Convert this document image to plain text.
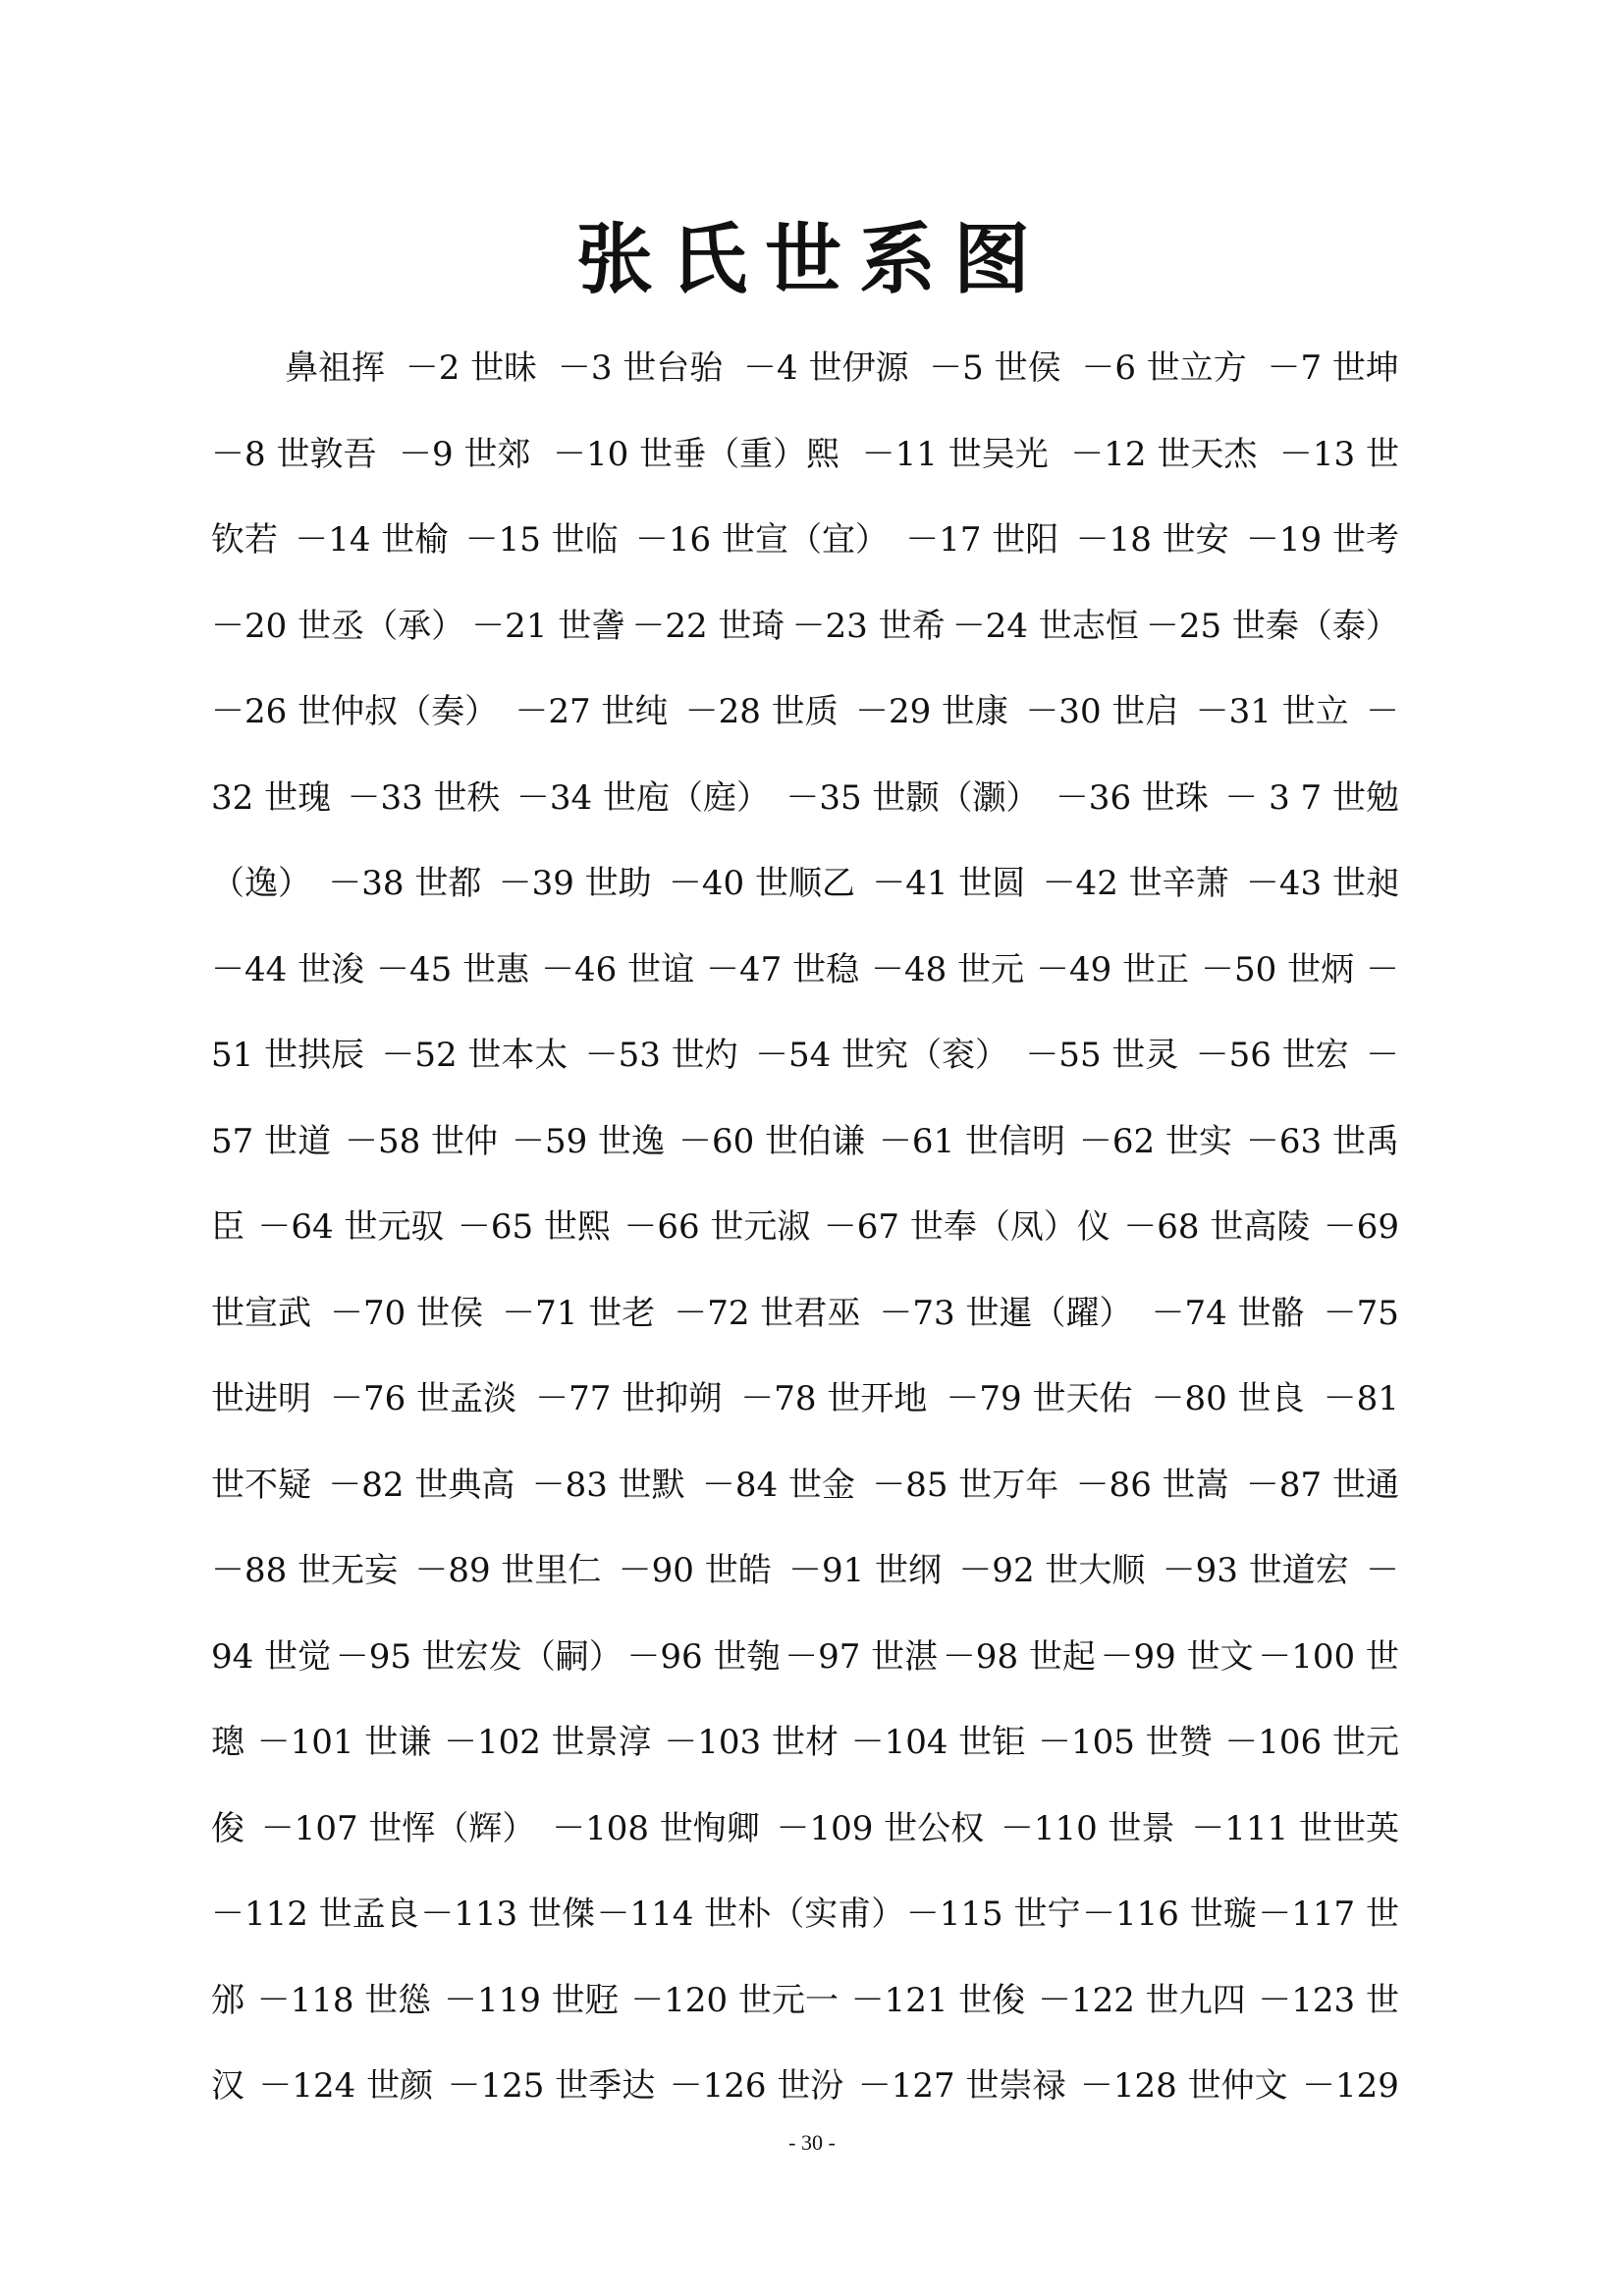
张氏世系图
鼻祖挥 －2 世昧 －3 世台骀 －4 世伊源 －5 世侯 －6 世立方 －7 世坤
－8 世敦吾 －9 世郊 －10 世垂（重）熙 －11 世吴光 －12 世天杰 －13 世
钦若 －14 世榆 －15 世临 －16 世宣（宜） －17 世阳 －18 世安 －19 世考
－20 世丞（承） －21 世詟 －22 世琦 －23 世希 －24 世志恒 －25 世秦（泰）
－26 世仲叔（奏） －27 世纯 －28 世质 －29 世康 －30 世启 －31 世立 －
32 世瑰 －33 世秩 －34 世庖（庭） －35 世颢（灏） －36 世珠 － 3 7 世勉
（逸） －38 世都 －39 世助 －40 世顺乙 －41 世圆 －42 世辛萧 －43 世昶
－44 世浚 －45 世惠 －46 世谊 －47 世稳 －48 世元 －49 世正 －50 世炳 －
51 世拱辰 －52 世本太 －53 世灼 －54 世究（衮） －55 世灵 －56 世宏 －
57 世道 －58 世仲 －59 世逸 －60 世伯谦 －61 世信明 －62 世实 －63 世禹
臣 －64 世元驭 －65 世熙 －66 世元淑 －67 世奉（凤）仪 －68 世高陵 －69
世宣武 －70 世侯 －71 世老 －72 世君巫 －73 世暹（躍） －74 世骼 －75
世进明 －76 世孟淡 －77 世抑朔 －78 世开地 －79 世天佑 －80 世良 －81
世不疑 －82 世典高 －83 世默 －84 世金 －85 世万年 －86 世嵩 －87 世通
－88 世无妄 －89 世里仁 －90 世皓 －91 世纲 －92 世大顺 －93 世道宏 －
94 世觉 －95 世宏发（嗣） －96 世匏 －97 世湛 －98 世起 －99 世文 －100 世
璁 －101 世谦 －102 世景淳 －103 世材 －104 世钜 －105 世赞 －106 世元
俊 －107 世恽（辉） －108 世恂卿 －109 世公权 －110 世景 －111 世世英
－112 世孟良 －113 世傑 －114 世朴（实甫） －115 世宁 －116 世璇 －117 世
邠 －118 世慫 －119 世觃 －120 世元一 －121 世俊 －122 世九四 －123 世
汉 －124 世颜 －125 世季达 －126 世汾 －127 世崇禄 －128 世仲文 －129
- 30 -
